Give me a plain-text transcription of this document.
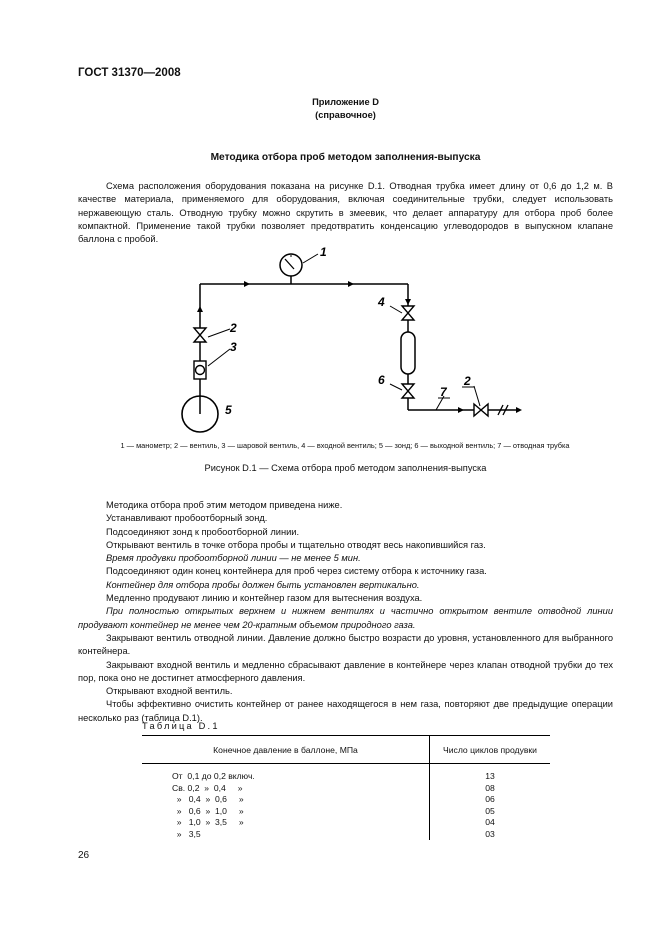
ГОСТ 31370—2008
Приложение D
(справочное)
Методика отбора проб методом заполнения-выпуска

Схема расположения оборудования показана на рисунке D.1. Отводная трубка имеет длину от 0,6 до 1,2 м. В качестве материала, применяемого для оборудования, включая соединительные трубки, следует использовать нержавеющую сталь. Отводную трубку можно скрутить в змеевик, что делает аппаратуру для отбора проб более компактной. Применение такой трубки позволяет предотвратить конденсацию углеводородов в выпускном клапане баллона с пробой.

1
2
3
4
5
6
7
2
1 — манометр; 2 — вентиль, 3 — шаровой вентиль, 4 — входной вентиль; 5 — зонд; 6 — выходной вентиль; 7 — отводная трубка
Рисунок D.1 — Схема отбора проб методом заполнения-выпуска

Методика отбора проб этим методом приведена ниже.

Устанавливают пробоотборный зонд.

Подсоединяют зонд к пробоотборной линии.

Открывают вентиль в точке отбора пробы и тщательно отводят весь накопившийся газ.

Время продувки пробоотборной линии — не менее 5 мин.

Подсоединяют один конец контейнера для проб через систему отбора к источнику газа.

Контейнер для отбора пробы должен быть установлен вертикально.

Медленно продувают линию и контейнер газом для вытеснения воздуха.

При полностью открытых верхнем и нижнем вентилях и частично открытом вентиле отводной линии продувают контейнер не менее чем 20-кратным объемом природного газа.

Закрывают вентиль отводной линии. Давление должно быстро возрасти до уровня, установленного для выбранного контейнера.

Закрывают входной вентиль и медленно сбрасывают давление в контейнере через клапан отводной трубки до тех пор, пока оно не достигнет атмосферного давления.

Открывают входной вентиль.

Чтобы эффективно очистить контейнер от ранее находящегося в нем газа, повторяют две предыдущие операции несколько раз (таблица D.1).

Таблица D.1
Конечное давление в баллоне, МПа	Число циклов продувки
От  0,1 до 0,2 включ.	13
Св. 0,2  »  0,4     »	08
»   0,4  »  0,6     »	06
»   0,6  »  1,0     »	05
»   1,0  »  3,5     »	04
»   3,5	03
26
